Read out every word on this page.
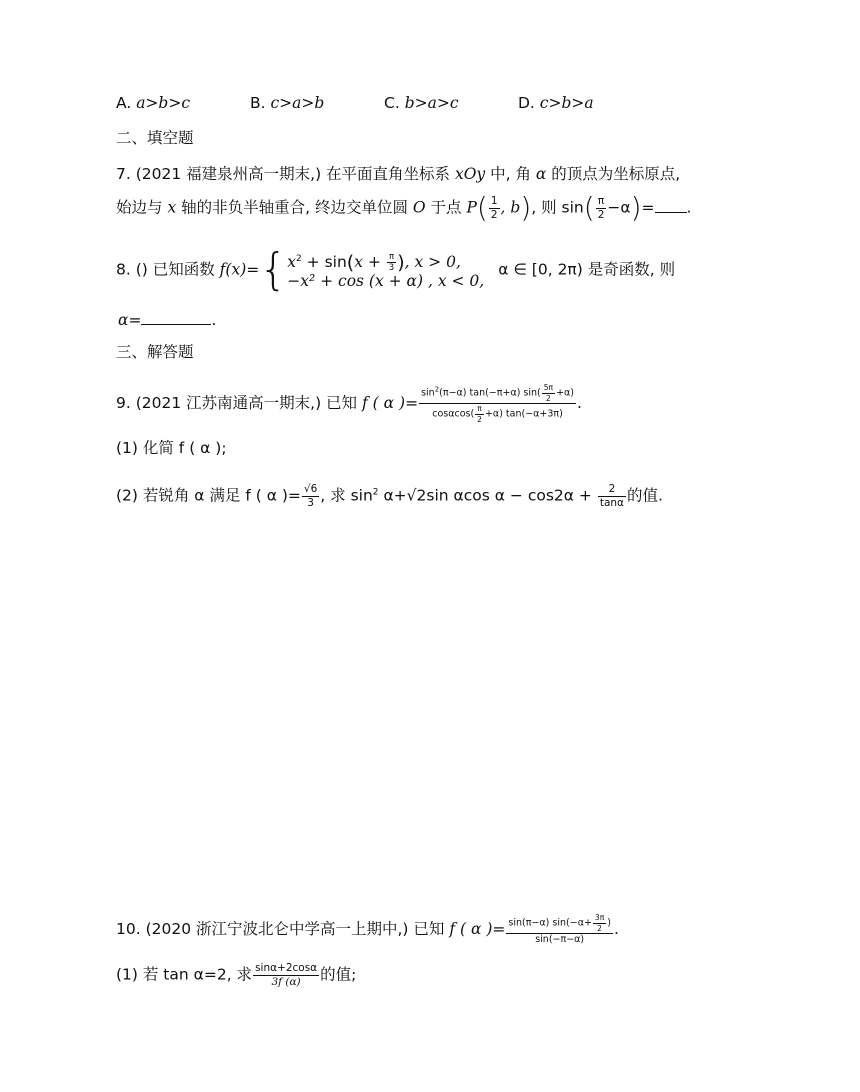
A. a>b>c	B. c>a>b	C. b>a>c	D. c>b>a
二、填空题
7. (2021 福建泉州高一期末,) 在平面直角坐标系 xOy 中, 角 α 的顶点为坐标原点,
始边与 x 轴的非负半轴重合, 终边交单位圆 O 于点 $P( \frac{1}{2}$ , b), 则 $\sin( \frac{\pi}{2} -\alpha)=$ .
8. () 已知函数 f(x)={ $x^2 + \sin(x + \frac{\pi}{3}$ ), x > 0,
−x² + cos (x + α) , x < 0,
α ∈ [0, 2π) 是奇函数, 则
α=	.
三、解答题
9. (2021 江苏南通高一期末,) 已知 f ( α )= $\frac{\sin^2(\pi-\alpha) \tan(-\pi+\alpha) \sin( \frac{5\pi}{2} +\alpha)}{\cos\alpha\cos( \frac{\pi}{2} +\alpha) \tan(-\alpha+3\pi)}$ .
(1) 化简 f ( α );
(2) 若锐角 α 满足 f ( α )= $\frac{√6}{3}$ , 求 $\sin^2 \alpha+√2\sin$ αcos $\alpha - \cos 2\alpha + \frac{2}{\tan\alpha}$ 的值.
10. (2020 浙江宁波北仑中学高一上期中,) 已知 f ( α )= $\frac{\sin(\pi-\alpha) \sin(-\alpha+ \frac{3\pi}{2} )}{\sin(-\pi-\alpha)}$ .
(1) 若 tan α=2, 求 $\frac{\sin\alpha+2\cos\alpha}{3f (\alpha)}$ 的值;
